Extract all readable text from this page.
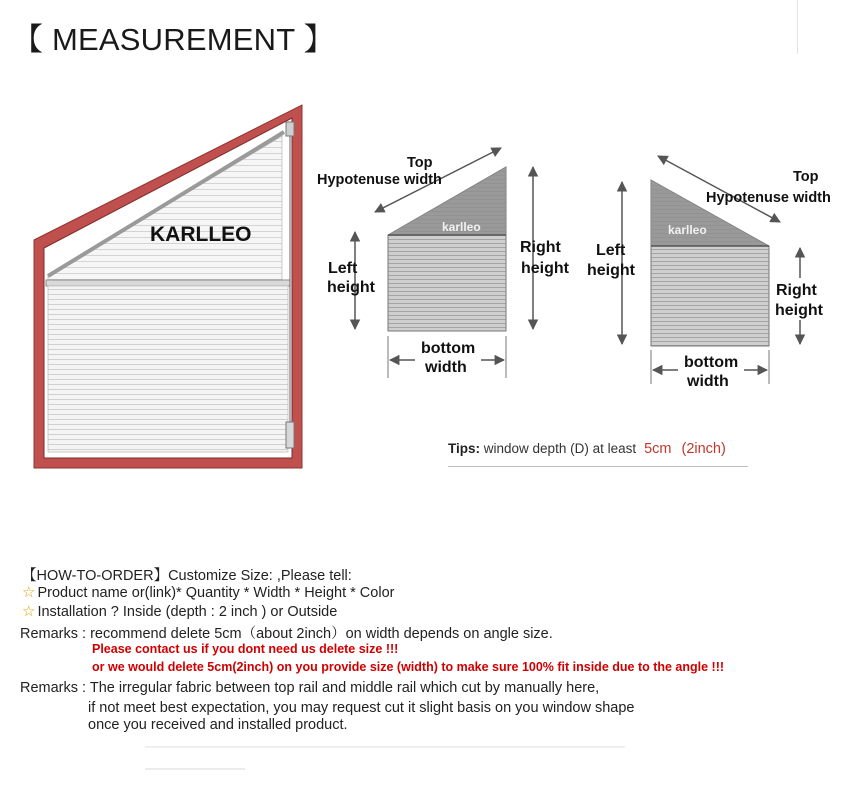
【 MEASUREMENT 】
KARLLEO	karlleo
Top
Hypotenuse width
Left
height
Right
height
bottom
width
karlleo
Top
Hypotenuse width
Left
height
Right
height
bottom
width
Tips: window depth (D) at least 5cm (2inch)
【HOW-TO-ORDER】Customize Size: ,Please tell:
☆ Product name or(link)* Quantity * Width * Height * Color
☆ Installation ? Inside (depth : 2 inch ) or Outside
Remarks : recommend delete 5cm（about 2inch）on width depends on angle size.
Please contact us if you dont need us delete size !!!
or we would delete 5cm(2inch) on you provide size (width) to make sure 100% fit inside due to the angle !!!
Remarks : The irregular fabric between top rail and middle rail which cut by manually here,
if not meet best expectation, you may request cut it slight basis on you window shape
once you received and installed product.
